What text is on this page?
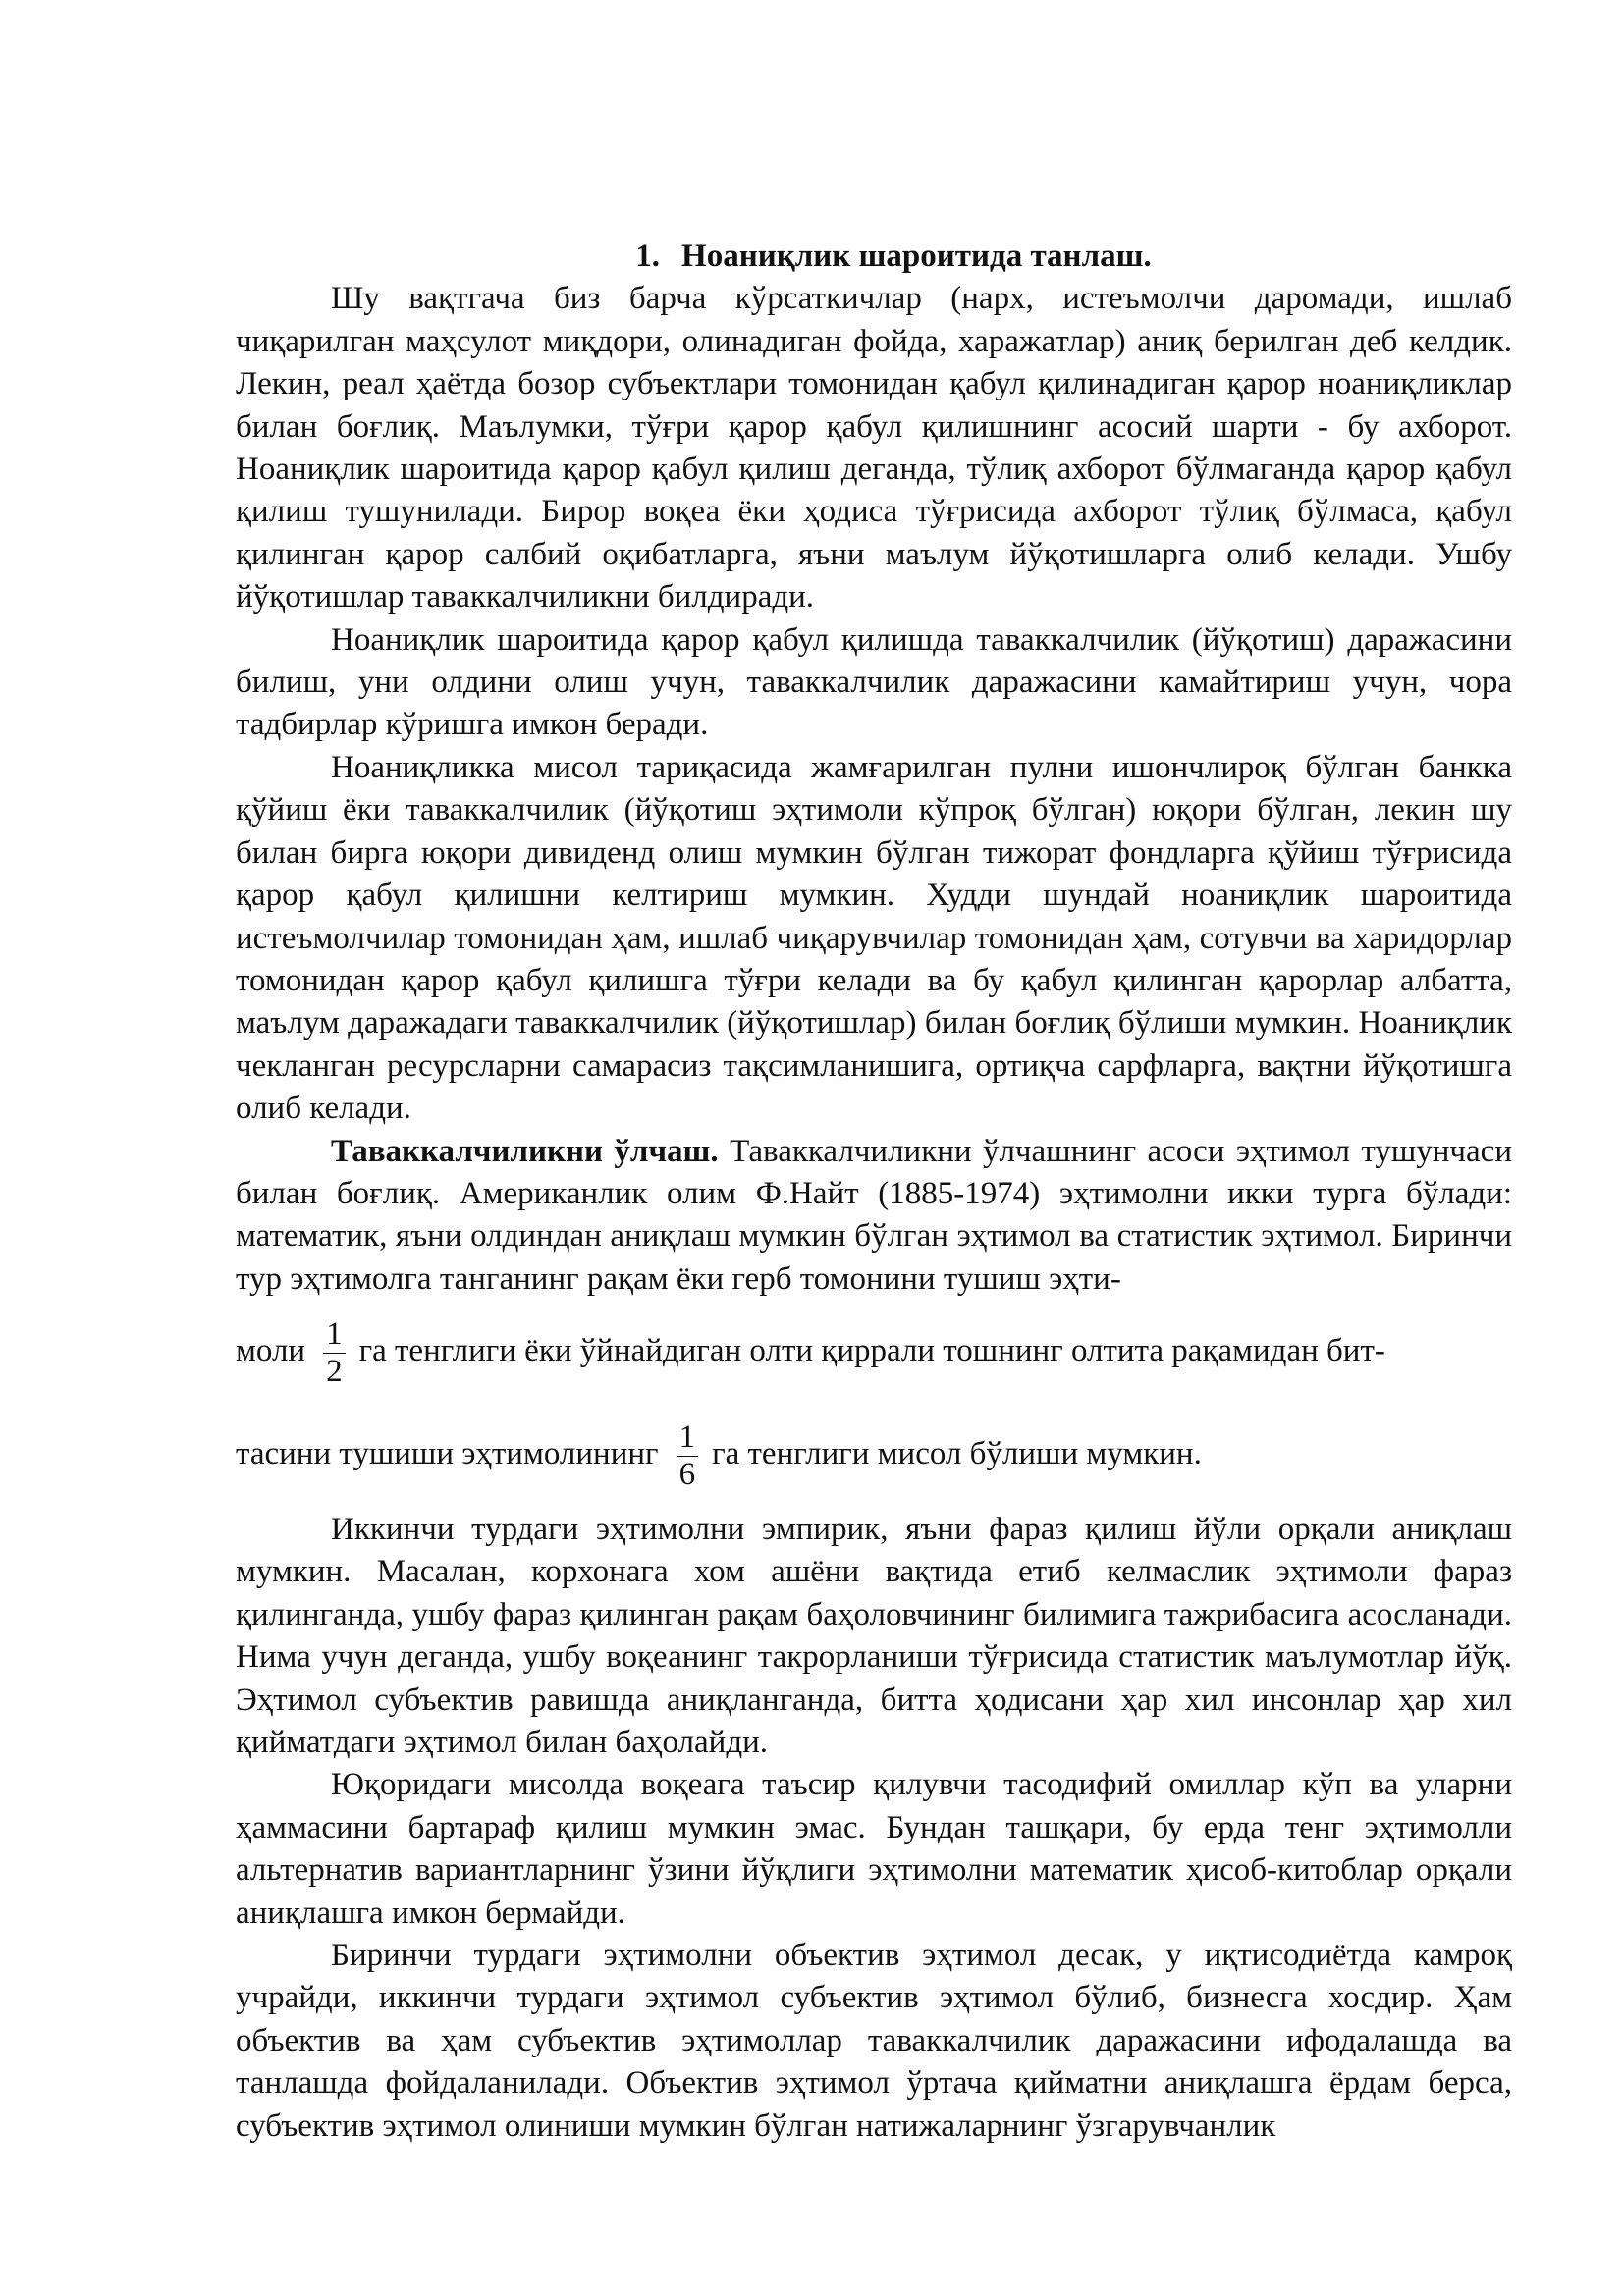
1. Ноаниқлик шароитида танлаш.

Шу вақтгача биз барча кўрсаткичлар (нарх, истеъмолчи даромади, ишлаб чиқарилган маҳсулот миқдори, олинадиган фойда, харажатлар) аниқ берилган деб келдик. Лекин, реал ҳаётда бозор субъектлари томонидан қабул қилинадиган қарор ноаниқликлар билан боғлиқ. Маълумки, тўғри қарор қабул қилишнинг асосий шарти - бу ахборот. Ноаниқлик шароитида қарор қабул қилиш деганда, тўлиқ ахборот бўлмаганда қарор қабул қилиш тушунилади. Бирор воқеа ёки ҳодиса тўғрисида ахборот тўлиқ бўлмаса, қабул қилинган қарор салбий оқибатларга, яъни маълум йўқотишларга олиб келади. Ушбу йўқотишлар таваккалчиликни билдиради.

Ноаниқлик шароитида қарор қабул қилишда таваккалчилик (йўқотиш) даражасини билиш, уни олдини олиш учун, таваккалчилик даражасини камайтириш учун, чора тадбирлар кўришга имкон беради.

Ноаниқликка мисол тариқасида жамғарилган пулни ишончлироқ бўлган банкка қўйиш ёки таваккалчилик (йўқотиш эҳтимоли кўпроқ бўлган) юқори бўлган, лекин шу билан бирга юқори дивиденд олиш мумкин бўлган тижорат фондларга қўйиш тўғрисида қарор қабул қилишни келтириш мумкин. Худди шундай ноаниқлик шароитида истеъмолчилар томонидан ҳам, ишлаб чиқарувчилар томонидан ҳам, сотувчи ва харидорлар томонидан қарор қабул қилишга тўғри келади ва бу қабул қилинган қарорлар албатта, маълум даражадаги таваккалчилик (йўқотишлар) билан боғлиқ бўлиши мумкин. Ноаниқлик чекланган ресурсларни самарасиз тақсимланишига, ортиқча сарфларга, вақтни йўқотишга олиб келади.

Таваккалчиликни ўлчаш. Таваккалчиликни ўлчашнинг асоси эҳтимол тушунчаси билан боғлиқ. Американлик олим Ф.Найт (1885-1974) эҳтимолни икки турга бўлади: математик, яъни олдиндан аниқлаш мумкин бўлган эҳтимол ва статистик эҳтимол. Биринчи тур эҳтимолга танганинг рақам ёки герб томонини тушиш эҳти-

моли $\frac{1}{2}$ га тенглиги ёки ўйнайдиган олти қиррали тошнинг олтита рақамидан бит-

тасини тушиши эҳтимолининг $\frac{1}{6}$ га тенглиги мисол бўлиши мумкин.

Иккинчи турдаги эҳтимолни эмпирик, яъни фараз қилиш йўли орқали аниқлаш мумкин. Масалан, корхонага хом ашёни вақтида етиб келмаслик эҳтимоли фараз қилинганда, ушбу фараз қилинган рақам баҳоловчининг билимига тажрибасига асосланади. Нима учун деганда, ушбу воқеанинг такрорланиши тўғрисида статистик маълумотлар йўқ. Эҳтимол субъектив равишда аниқланганда, битта ҳодисани ҳар хил инсонлар ҳар хил қийматдаги эҳтимол билан баҳолайди.

Юқоридаги мисолда воқеага таъсир қилувчи тасодифий омиллар кўп ва уларни ҳаммасини бартараф қилиш мумкин эмас. Бундан ташқари, бу ерда тенг эҳтимолли альтернатив вариантларнинг ўзини йўқлиги эҳтимолни математик ҳисоб-китоблар орқали аниқлашга имкон бермайди.

Биринчи турдаги эҳтимолни объектив эҳтимол десак, у иқтисодиётда камроқ учрайди, иккинчи турдаги эҳтимол субъектив эҳтимол бўлиб, бизнесга хосдир. Ҳам объектив ва ҳам субъектив эҳтимоллар таваккалчилик даражасини ифодалашда ва танлашда фойдаланилади. Объектив эҳтимол ўртача қийматни аниқлашга ёрдам берса, субъектив эҳтимол олиниши мумкин бўлган натижаларнинг ўзгарувчанлик
